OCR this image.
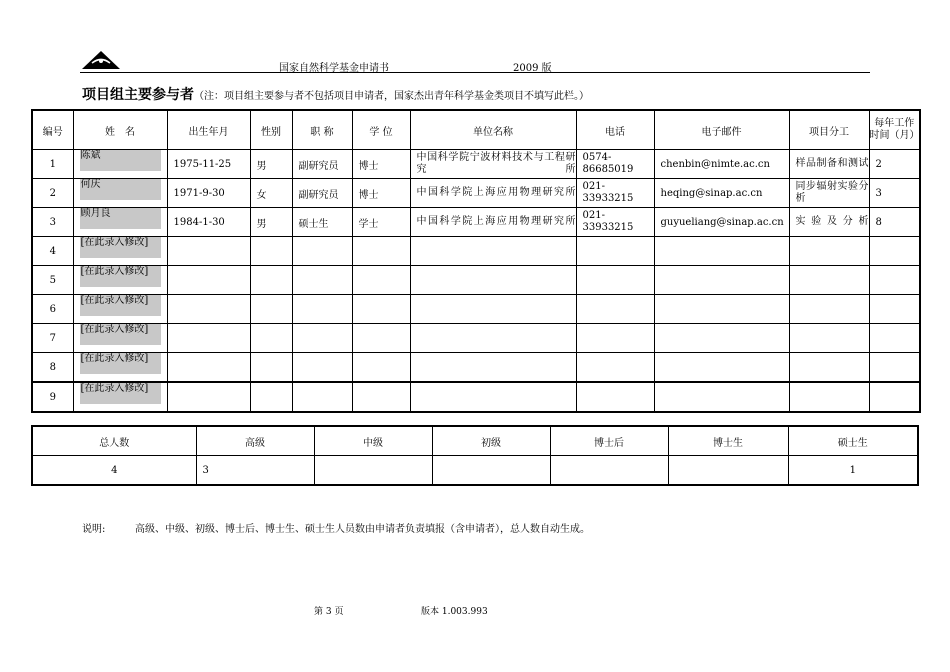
国家自然科学基金申请书	2009 版
项目组主要参与者（注：项目组主要参与者不包括项目申请者，国家杰出青年科学基金类项目不填写此栏。）
编号	姓　名	出生年月	性别	职 称	学 位	单位名称	电话	电子邮件	项目分工	每年工作时间（月）
1	陈斌	1975-11-25	男	副研究员	博士	中国科学院宁波材料技术与工程研究所	0574-86685019	chenbin@nimte.ac.cn	样品制备和测试	2
2	何庆	1971-9-30	女	副研究员	博士	中国科学院上海应用物理研究所	021-33933215	heqing@sinap.ac.cn	同步辐射实验分析	3
3	顾月良	1984-1-30	男	硕士生	学士	中国科学院上海应用物理研究所	021-33933215	guyueliang@sinap.ac.cn	实验及分析	8
4	[在此录入修改]									

5	[在此录入修改]									

6	[在此录入修改]									

7	[在此录入修改]									

8	[在此录入修改]									

9	[在此录入修改]									

总人数	高级	中级	初级	博士后	博士生	硕士生
4	3					1
说明:	高级、中级、初级、博士后、博士生、硕士生人员数由申请者负责填报（含申请者），总人数自动生成。
第 3 页	版本 1.003.993
